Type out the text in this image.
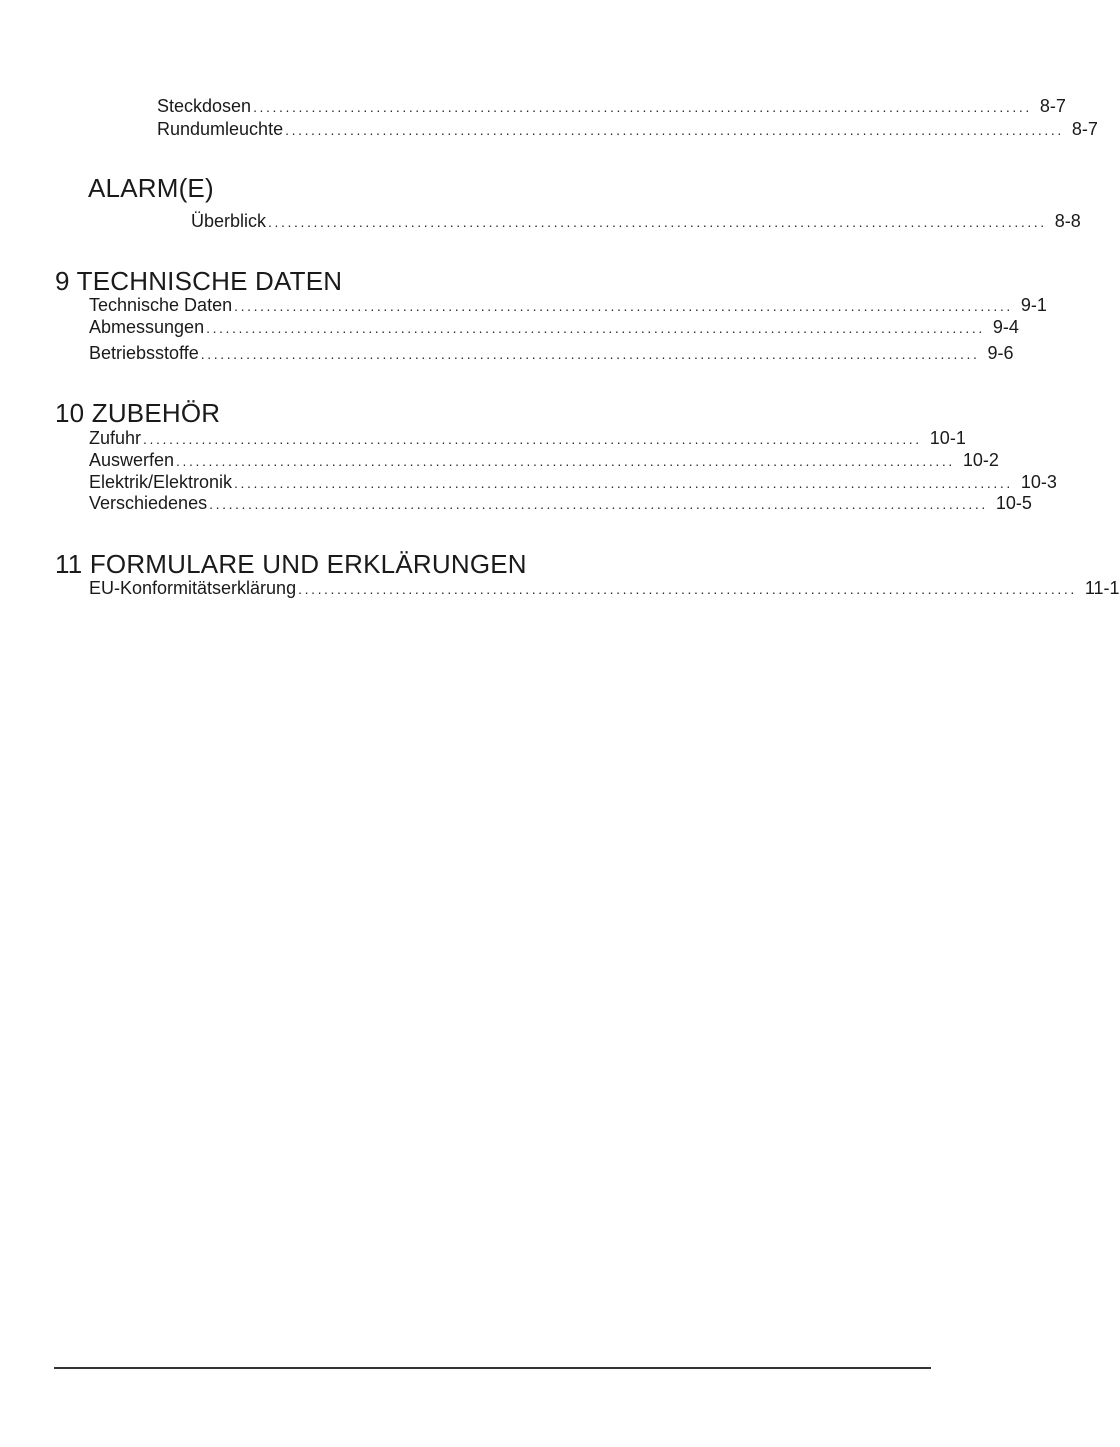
Steckdosen ........................................................................................................................ 8-7
Rundumleuchte ........................................................................................................................ 8-7
ALARM(E)
Überblick ........................................................................................................................ 8-8
9 TECHNISCHE DATEN
Technische Daten ........................................................................................................................ 9-1
Abmessungen ........................................................................................................................ 9-4
Betriebsstoffe ........................................................................................................................ 9-6
10 ZUBEHÖR
Zufuhr ........................................................................................................................ 10-1
Auswerfen ........................................................................................................................ 10-2
Elektrik/Elektronik ........................................................................................................................ 10-3
Verschiedenes ........................................................................................................................ 10-5
11 FORMULARE UND ERKLÄRUNGEN
EU-Konformitätserklärung ........................................................................................................................ 11-1
